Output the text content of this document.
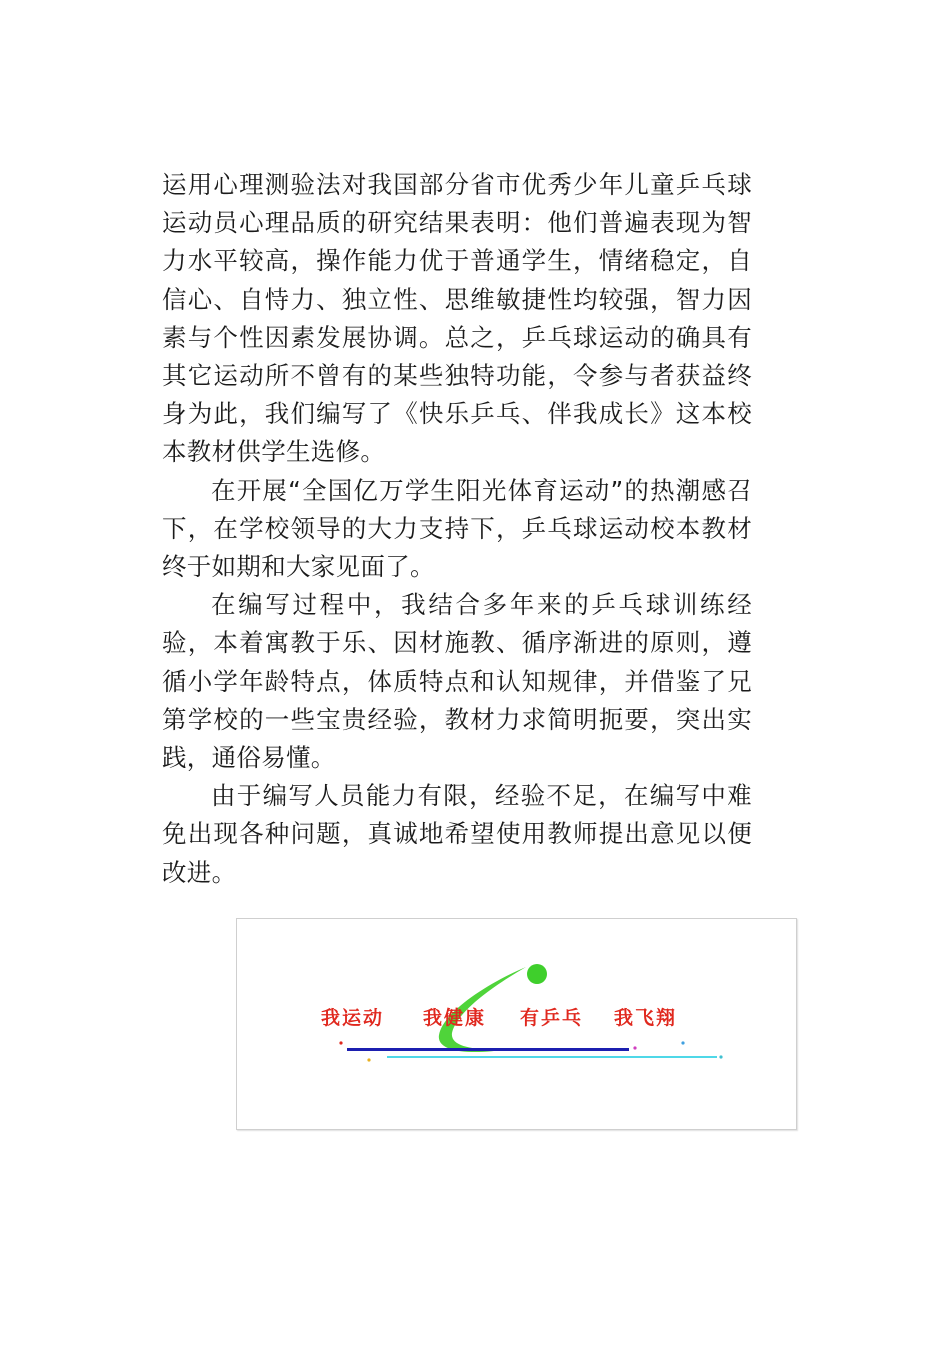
运用心理测验法对我国部分省市优秀少年儿童乒乓球运动员心理品质的研究结果表明：他们普遍表现为智力水平较高，操作能力优于普通学生，情绪稳定，自信心、自恃力、独立性、思维敏捷性均较强，智力因素与个性因素发展协调。总之，乒乓球运动的确具有其它运动所不曾有的某些独特功能，令参与者获益终身为此，我们编写了《快乐乒乓、伴我成长》这本校本教材供学生选修。

在开展“全国亿万学生阳光体育运动”的热潮感召下，在学校领导的大力支持下，乒乓球运动校本教材终于如期和大家见面了。

在编写过程中，我结合多年来的乒乓球训练经验，本着寓教于乐、因材施教、循序渐进的原则，遵循小学年龄特点，体质特点和认知规律，并借鉴了兄第学校的一些宝贵经验，教材力求简明扼要，突出实践，通俗易懂。

由于编写人员能力有限，经验不足，在编写中难免出现各种问题，真诚地希望使用教师提出意见以便改进。

我运动 我健康 有乒乓 我飞翔
